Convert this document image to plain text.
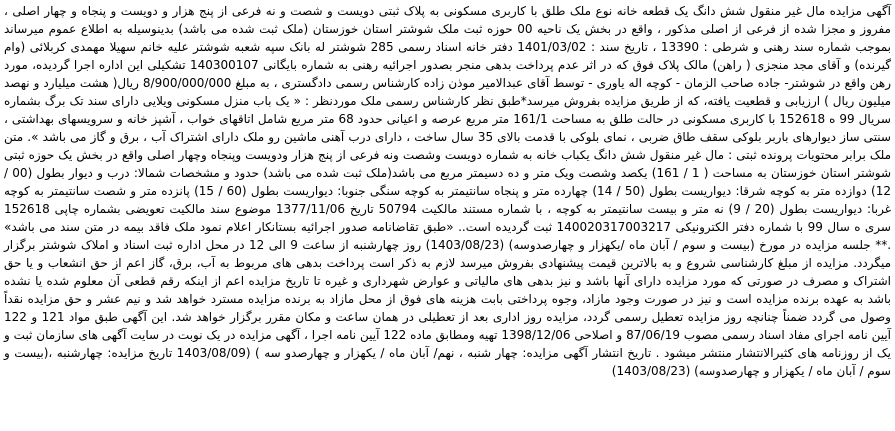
آگهی مزایده مال غیر منقول شش دانگ یک قطعه خانه نوع ملک طلق با کاربری مسکونی به پلاک ثبتی دویست و شصت و نه فرعی از پنج هزار و دویست و پنجاه و چهار اصلی ، مفروز و مجزا شده از فرعی از اصلی مذکور ، واقع در بخش یک ناحیه 00 حوزه ثبت ملک شوشتر استان خوزستان (ملک ثبت شده می باشد) بدینوسیله به اطلاع عموم میرساند بموجب شماره سند رهنی و شرطی : 13390 ، تاریخ سند : 1401/03/02 دفتر خانه اسناد رسمی 285 شوشتر له بانک سپه شعبه شوشتر علیه خانم سهیلا مهمدی کربلائی (وام گیرنده) و آقای مجد منجزی ( راهن) مالک پلاک فوق که در اثر عدم پرداخت بدهی منجر بصدور اجرائیه رهنی به شماره بایگانی 140300107 تشکیلی این اداره اجرا گردیده، مورد رهن واقع در شوشتر- جاده صاحب الزمان - کوچه اله یاوری - توسط آقای عبدالامیر موذن زاده کارشناس رسمی دادگستری ، به مبلغ 8/900/000/000 ریال( هشت میلیارد و نهصد میلیون ریال ) ارزیابی و قطعیت یافته، که از طریق مزایده بفروش میرسد*طبق نظر کارشناس رسمی ملک موردنظر : « یک باب منزل مسکونی ویلایی دارای سند تک برگ بشماره سریال 99 ه 152618 با کاربری مسکونی در حالت طلق به مساحت 161/1 متر مربع عرصه و اعیانی حدود 68 متر مربع شامل اتاقهای خواب ، آشپز خانه و سرویسهای بهداشتی ، سنتی ساز دیوارهای باربر بلوکی سقف طاق ضربی ، نمای بلوکی با قدمت بالای 35 سال ساخت ، دارای درب آهنی ماشین رو ملک دارای اشتراک آب ، برق و گاز می باشد ». متن ملک برابر محتویات پرونده ثبتی : مال غیر منقول شش دانگ یکباب خانه به شماره دویست وشصت ونه فرعی از پنج هزار ودویست وپنجاه وچهار اصلی واقع در بخش یک حوزه ثبتی شوشتر استان خوزستان به مساحت ( 1 / 161) یکصد وشصت ویک متر و ده دسیمتر مربع می باشد(ملک ثبت شده می باشد) حدود و مشخصات شمالا: درب و دیوار بطول (00 / 12) دوازده متر به کوچه شرقا: دیواریست بطول (50 / 14) چهارده متر و پنجاه سانتیمتر به کوچه سنگی جنوبا: دیواریست بطول (60 / 15) پانزده متر و شصت سانتیمتر به کوچه غربا: دیواریست بطول (20 / 9) نه متر و بیست سانتیمتر به کوچه ، با شماره مستند مالکیت 50794 تاریخ 1377/11/06 موضوع سند مالکیت تعویضی بشماره چاپی 152618 سری ه سال 99 با شماره دفتر الکترونیکی 140020317003217 ثبت گردیده است.. «طبق تقاضانامه صدور اجرائیه بستانکار اعلام نمود ملک فاقد بیمه در متن سند می باشد» .** جلسه مزایده در مورخ (بیست و سوم / آبان ماه /یکهزار و چهارصدوسه) (1403/08/23) روز چهارشنبه از ساعت 9 الی 12 در محل اداره ثبت اسناد و املاک شوشتر برگزار میگردد. مزایده از مبلغ کارشناسی شروع و به بالاترین قیمت پیشنهادی بفروش میرسد لازم به ذکر است پرداخت بدهی های مربوط به آب، برق، گاز اعم از حق انشعاب و یا حق اشتراک و مصرف در صورتی که مورد مزایده دارای آنها باشد و نیز بدهی های مالیاتی و عوارض شهرداری و غیره تا تاریخ مزایده اعم از اینکه رقم قطعی آن معلوم شده یا نشده باشد به عهده برنده مزایده است و نیز در صورت وجود مازاد، وجوه پرداختی بابت هزینه های فوق از محل مازاد به برنده مزایده مسترد خواهد شد و نیم عشر و حق مزایده نقداً وصول می گردد ضمناً چنانچه روز مزایده تعطیل رسمی گردد، مزایده روز اداری بعد از تعطیلی در همان ساعت و مکان مقرر برگزار خواهد شد. این آگهی طبق مواد 121 و 122 آیین نامه اجرای مفاد اسناد رسمی مصوب 87/06/19 و اصلاحی 1398/12/06 تهیه ومطابق ماده 122 آیین نامه اجرا ، آگهی مزایده در یک نوبت در سایت آگهی های سازمان ثبت و یک از روزنامه های کثیرالانتشار منتشر میشود . تاریخ انتشار آگهی مزایده: چهار شنبه ، نهم/ آبان ماه / یکهزار و چهارصدو سه ) (1403/08/09 تاریخ مزایده: چهارشنبه ،(بیست و سوم / آبان ماه / یکهزار و چهارصدوسه) (1403/08/23)
